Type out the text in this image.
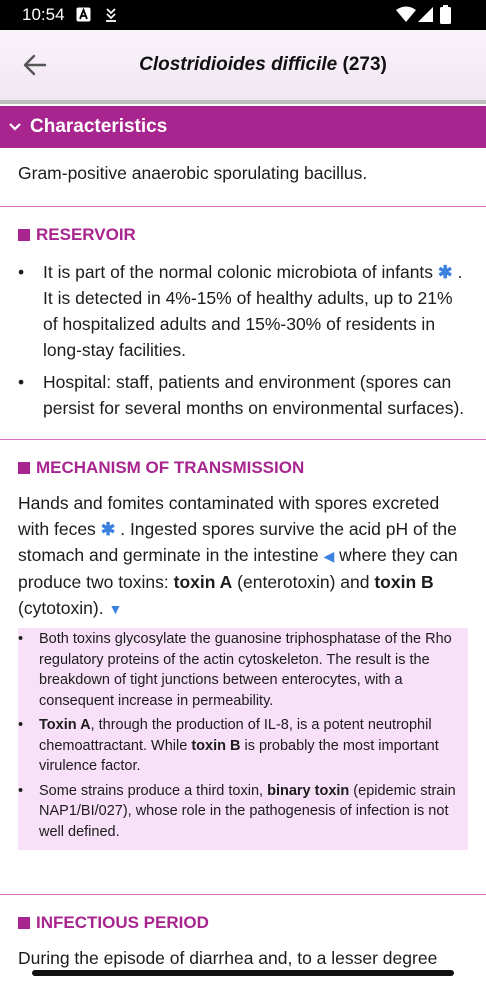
10:54
Clostridioides difficile (273)
Characteristics

Gram-positive anaerobic sporulating bacillus.

RESERVOIR
• It is part of the normal colonic microbiota of infants ✱ . It is detected in 4%-15% of healthy adults, up to 21% of hospitalized adults and 15%-30% of residents in long-stay facilities.
• Hospital: staff, patients and environment (spores can persist for several months on environmental surfaces).
MECHANISM OF TRANSMISSION

Hands and fomites contaminated with spores excreted with feces ✱ . Ingested spores survive the acid pH of the stomach and germinate in the intestine ◀ where they can produce two toxins: toxin A (enterotoxin) and toxin B (cytotoxin). ▼

• Both toxins glycosylate the guanosine triphosphatase of the Rho regulatory proteins of the actin cytoskeleton. The result is the breakdown of tight junctions between enterocytes, with a consequent increase in permeability.
• Toxin A, through the production of IL-8, is a potent neutrophil chemoattractant. While toxin B is probably the most important virulence factor.
• Some strains produce a third toxin, binary toxin (epidemic strain NAP1/BI/027), whose role in the pathogenesis of infection is not well defined.
INFECTIOUS PERIOD

During the episode of diarrhea and, to a lesser degree
